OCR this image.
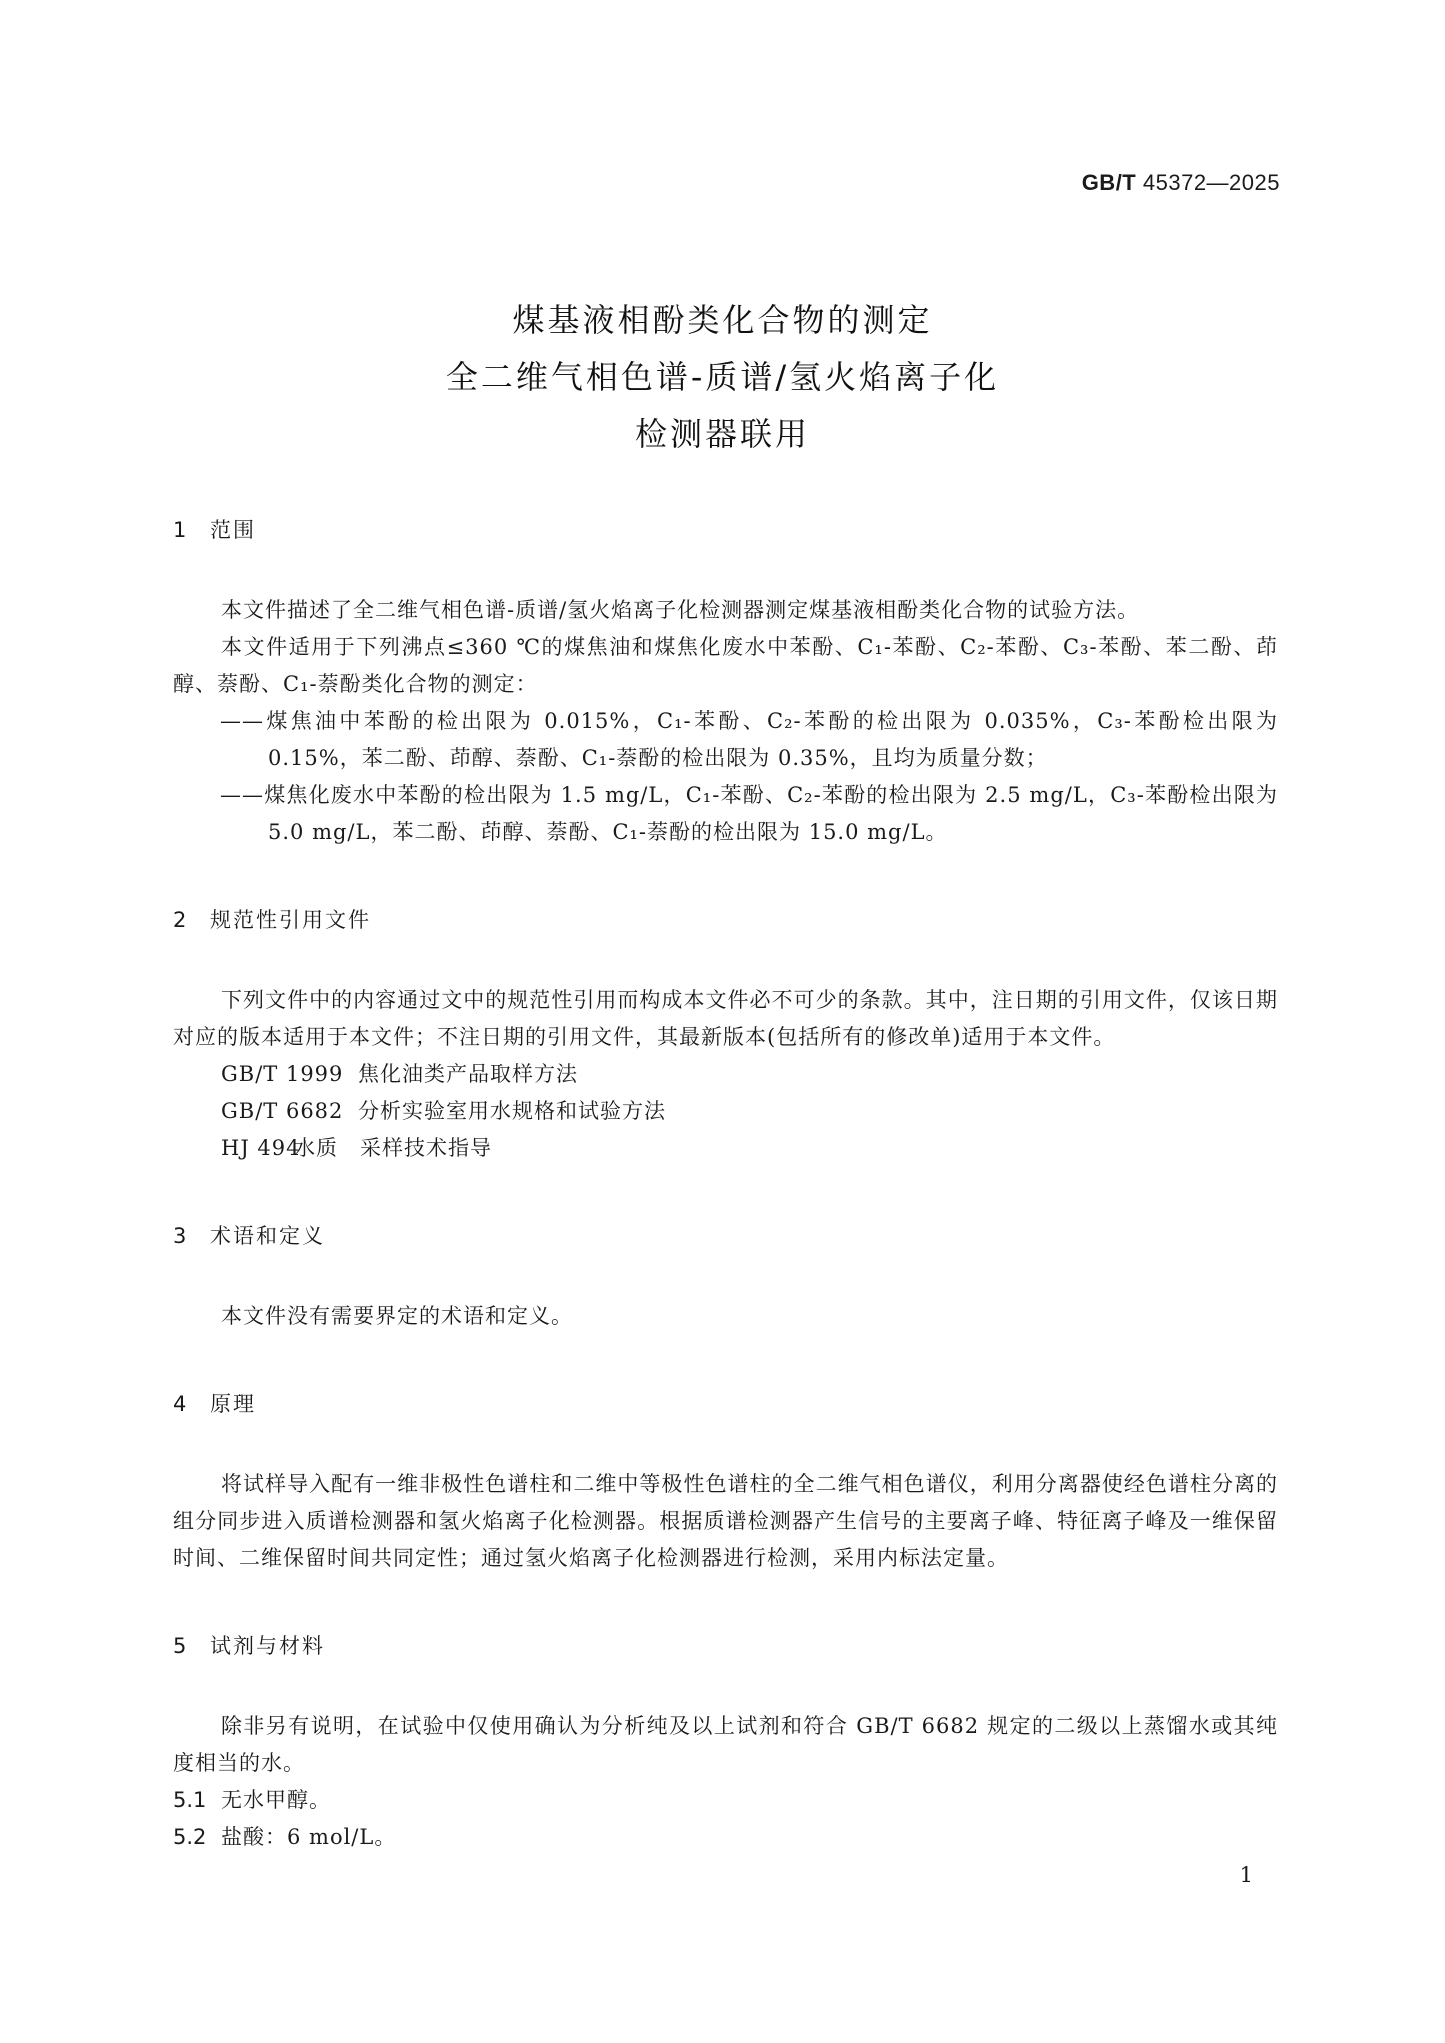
GB/T 45372—2025
煤基液相酚类化合物的测定
全二维气相色谱-质谱/氢火焰离子化
检测器联用
1 范围
本文件描述了全二维气相色谱-质谱/氢火焰离子化检测器测定煤基液相酚类化合物的试验方法。
本文件适用于下列沸点≤360 ℃的煤焦油和煤焦化废水中苯酚、C₁-苯酚、C₂-苯酚、C₃-苯酚、苯二酚、茚醇、萘酚、C₁-萘酚类化合物的测定：
——煤焦油中苯酚的检出限为 0.015%，C₁-苯酚、C₂-苯酚的检出限为 0.035%，C₃-苯酚检出限为0.15%，苯二酚、茚醇、萘酚、C₁-萘酚的检出限为 0.35%，且均为质量分数；
——煤焦化废水中苯酚的检出限为 1.5 mg/L，C₁-苯酚、C₂-苯酚的检出限为 2.5 mg/L，C₃-苯酚检出限为 5.0 mg/L，苯二酚、茚醇、萘酚、C₁-萘酚的检出限为 15.0 mg/L。
2 规范性引用文件
下列文件中的内容通过文中的规范性引用而构成本文件必不可少的条款。其中，注日期的引用文件，仅该日期对应的版本适用于本文件；不注日期的引用文件，其最新版本(包括所有的修改单)适用于本文件。
GB/T 1999 焦化油类产品取样方法
GB/T 6682 分析实验室用水规格和试验方法
HJ 494水质　采样技术指导
3 术语和定义
本文件没有需要界定的术语和定义。
4 原理
将试样导入配有一维非极性色谱柱和二维中等极性色谱柱的全二维气相色谱仪，利用分离器使经色谱柱分离的组分同步进入质谱检测器和氢火焰离子化检测器。根据质谱检测器产生信号的主要离子峰、特征离子峰及一维保留时间、二维保留时间共同定性；通过氢火焰离子化检测器进行检测，采用内标法定量。
5 试剂与材料
除非另有说明，在试验中仅使用确认为分析纯及以上试剂和符合 GB/T 6682 规定的二级以上蒸馏水或其纯度相当的水。
5.1 无水甲醇。
5.2 盐酸：6 mol/L。
1
